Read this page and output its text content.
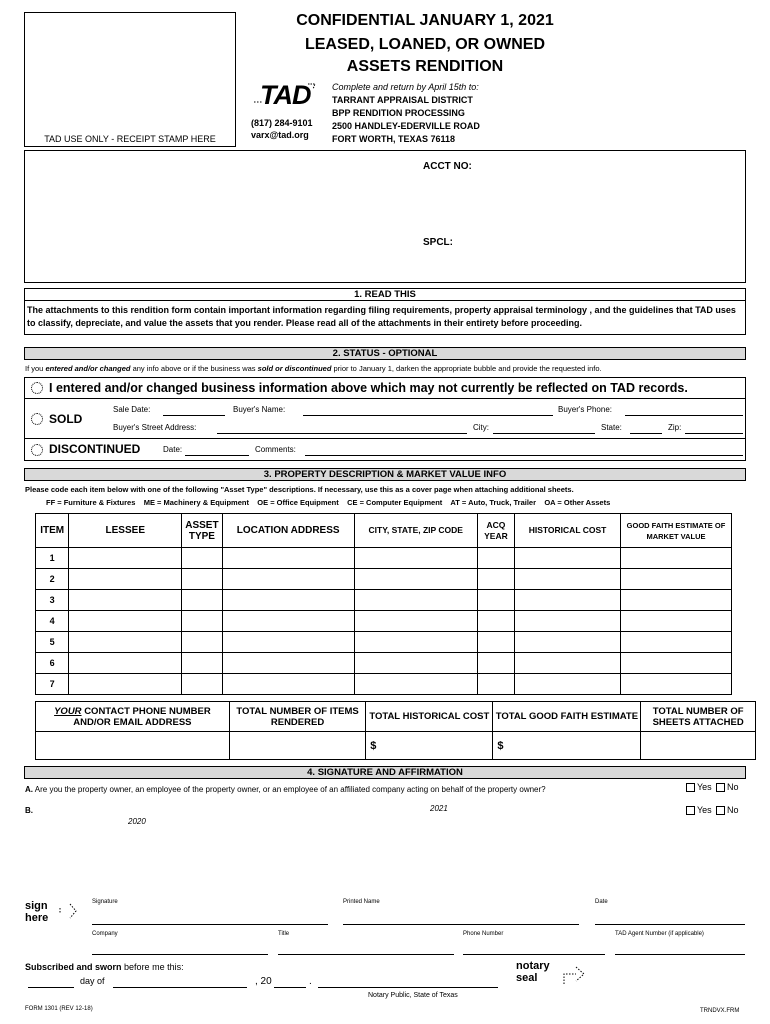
TAD USE ONLY - RECEIPT STAMP HERE
CONFIDENTIAL JANUARY 1, 2021
LEASED, LOANED, OR OWNED
ASSETS RENDITION
TAD Complete and return by April 15th to:
TARRANT APPRAISAL DISTRICT
BPP RENDITION PROCESSING
2500 HANDLEY-EDERVILLE ROAD
FORT WORTH, TEXAS 76118
(817) 284-9101
varx@tad.org
ACCT NO:
SPCL:
1. READ THIS
The attachments to this rendition form contain important information regarding filing requirements, property appraisal terminology , and the guidelines that TAD uses to classify, depreciate, and value the assets that you render. Please read all of the attachments in their entirety before proceeding.
2. STATUS - OPTIONAL
If you entered and/or changed any info above or if the business was sold or discontinued prior to January 1, darken the appropriate bubble and provide the requested info.
I entered and/or changed business information above which may not currently be reflected on TAD records.
SOLD
Sale Date:	Buyer's Name:	Buyer's Phone:
Buyer's Street Address:	City:	State:	Zip:
DISCONTINUED	Date:	Comments:
3. PROPERTY DESCRIPTION & MARKET VALUE INFO
Please code each item below with one of the following "Asset Type" descriptions. If necessary, use this as a cover page when attaching additional sheets.
FF = Furniture & Fixtures    ME = Machinery & Equipment    OE = Office Equipment    CE = Computer Equipment    AT = Auto, Truck, Trailer    OA = Other Assets
ITEM	LESSEE	ASSET TYPE	LOCATION ADDRESS	CITY, STATE, ZIP CODE	ACQ YEAR	HISTORICAL COST	GOOD FAITH ESTIMATE OF MARKET VALUE
1							
2							
3							
4							
5							
6							
7							
YOUR CONTACT PHONE NUMBER AND/OR EMAIL ADDRESS	TOTAL NUMBER OF ITEMS RENDERED	TOTAL HISTORICAL COST	TOTAL GOOD FAITH ESTIMATE	TOTAL NUMBER OF SHEETS ATTACHED
		$	$	
4. SIGNATURE AND AFFIRMATION
A. Are you the property owner, an employee of the property owner, or an employee of an affiliated company acting on behalf of the property owner?	Yes No
B.	2021
2020
Yes No
sign here
Signature	Printed Name	Date
Company	Title	Phone Number	TAD Agent Number (if applicable)
Subscribed and sworn before me this:
day of	, 20	.
Notary Public, State of Texas
notary seal
FORM 1301 (REV 12-18)	TRNDVX.FRM
